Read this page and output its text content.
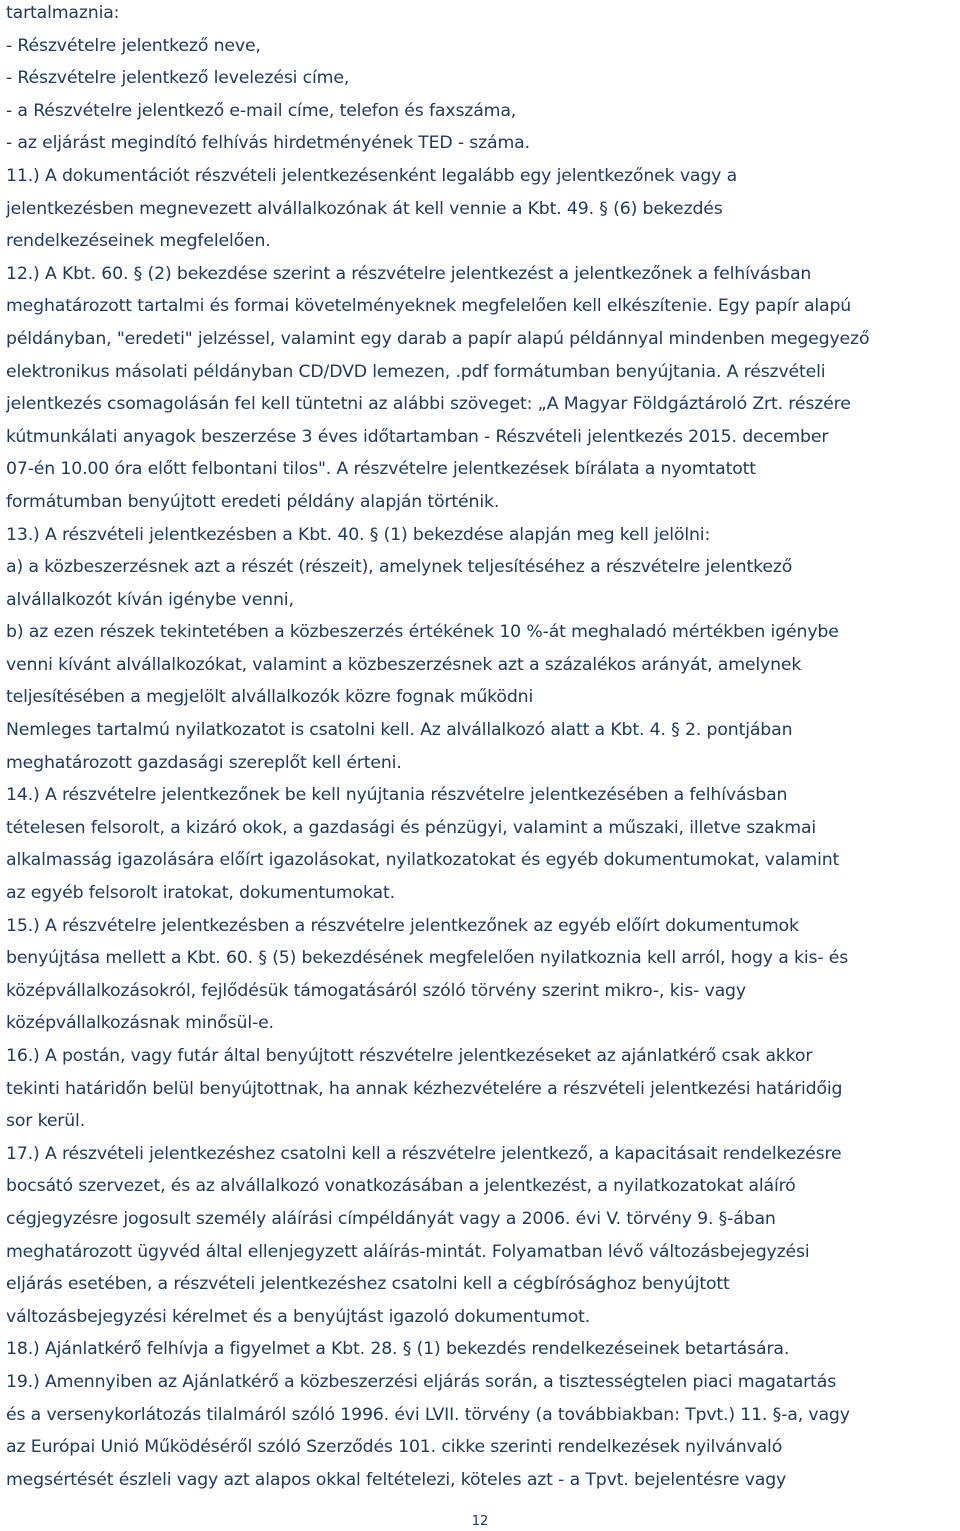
tartalmaznia:
- Részvételre jelentkező neve,
- Részvételre jelentkező levelezési címe,
- a Részvételre jelentkező e-mail címe, telefon és faxszáma,
- az eljárást megindító felhívás hirdetményének TED - száma.
11.) A dokumentációt részvételi jelentkezésenként legalább egy jelentkezőnek vagy a
jelentkezésben megnevezett alvállalkozónak át kell vennie a Kbt. 49. § (6) bekezdés
rendelkezéseinek megfelelően.
12.) A Kbt. 60. § (2) bekezdése szerint a részvételre jelentkezést a jelentkezőnek a felhívásban
meghatározott tartalmi és formai követelményeknek megfelelően kell elkészítenie. Egy papír alapú
példányban, "eredeti" jelzéssel, valamint egy darab a papír alapú példánnyal mindenben megegyező
elektronikus másolati példányban CD/DVD lemezen, .pdf formátumban benyújtania. A részvételi
jelentkezés csomagolásán fel kell tüntetni az alábbi szöveget: „A Magyar Földgáztároló Zrt. részére
kútmunkálati anyagok beszerzése 3 éves időtartamban - Részvételi jelentkezés 2015. december
07-én 10.00 óra előtt felbontani tilos". A részvételre jelentkezések bírálata a nyomtatott
formátumban benyújtott eredeti példány alapján történik.
13.) A részvételi jelentkezésben a Kbt. 40. § (1) bekezdése alapján meg kell jelölni:
a) a közbeszerzésnek azt a részét (részeit), amelynek teljesítéséhez a részvételre jelentkező
alvállalkozót kíván igénybe venni,
b) az ezen részek tekintetében a közbeszerzés értékének 10 %-át meghaladó mértékben igénybe
venni kívánt alvállalkozókat, valamint a közbeszerzésnek azt a százalékos arányát, amelynek
teljesítésében a megjelölt alvállalkozók közre fognak működni
Nemleges tartalmú nyilatkozatot is csatolni kell. Az alvállalkozó alatt a Kbt. 4. § 2. pontjában
meghatározott gazdasági szereplőt kell érteni.
14.) A részvételre jelentkezőnek be kell nyújtania részvételre jelentkezésében a felhívásban
tételesen felsorolt, a kizáró okok, a gazdasági és pénzügyi, valamint a műszaki, illetve szakmai
alkalmasság igazolására előírt igazolásokat, nyilatkozatokat és egyéb dokumentumokat, valamint
az egyéb felsorolt iratokat, dokumentumokat.
15.) A részvételre jelentkezésben a részvételre jelentkezőnek az egyéb előírt dokumentumok
benyújtása mellett a Kbt. 60. § (5) bekezdésének megfelelően nyilatkoznia kell arról, hogy a kis- és
középvállalkozásokról, fejlődésük támogatásáról szóló törvény szerint mikro-, kis- vagy
középvállalkozásnak minősül-e.
16.) A postán, vagy futár által benyújtott részvételre jelentkezéseket az ajánlatkérő csak akkor
tekinti határidőn belül benyújtottnak, ha annak kézhezvételére a részvételi jelentkezési határidőig
sor kerül.
17.) A részvételi jelentkezéshez csatolni kell a részvételre jelentkező, a kapacitásait rendelkezésre
bocsátó szervezet, és az alvállalkozó vonatkozásában a jelentkezést, a nyilatkozatokat aláíró
cégjegyzésre jogosult személy aláírási címpéldányát vagy a 2006. évi V. törvény 9. §-ában
meghatározott ügyvéd által ellenjegyzett aláírás-mintát. Folyamatban lévő változásbejegyzési
eljárás esetében, a részvételi jelentkezéshez csatolni kell a cégbírósághoz benyújtott
változásbejegyzési kérelmet és a benyújtást igazoló dokumentumot.
18.) Ajánlatkérő felhívja a figyelmet a Kbt. 28. § (1) bekezdés rendelkezéseinek betartására.
19.) Amennyiben az Ajánlatkérő a közbeszerzési eljárás során, a tisztességtelen piaci magatartás
és a versenykorlátozás tilalmáról szóló 1996. évi LVII. törvény (a továbbiakban: Tpvt.) 11. §-a, vagy
az Európai Unió Működéséről szóló Szerződés 101. cikke szerinti rendelkezések nyilvánvaló
megsértését észleli vagy azt alapos okkal feltételezi, köteles azt - a Tpvt. bejelentésre vagy
12
